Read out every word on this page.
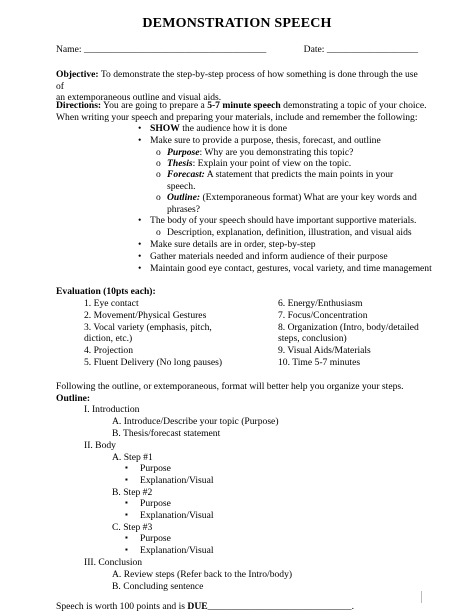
DEMONSTRATION SPEECH
Name: ______________________________________	Date: ___________________
Objective: To demonstrate the step-by-step process of how something is done through the use of
an extemporaneous outline and visual aids.
Directions: You are going to prepare a 5-7 minute speech demonstrating a topic of your choice.
When writing your speech and preparing your materials, include and remember the following:
• SHOW the audience how it is done
• Make sure to provide a purpose, thesis, forecast, and outline
o Purpose: Why are you demonstrating this topic?
o Thesis: Explain your point of view on the topic.
o Forecast: A statement that predicts the main points in your
speech.
o Outline: (Extemporaneous format) What are your key words and
phrases?
• The body of your speech should have important supportive materials.
o Description, explanation, definition, illustration, and visual aids
• Make sure details are in order, step-by-step
• Gather materials needed and inform audience of their purpose
• Maintain good eye contact, gestures, vocal variety, and time management
Evaluation (10pts each):
1. Eye contact
2. Movement/Physical Gestures
3. Vocal variety (emphasis, pitch,
diction, etc.)
4. Projection
5. Fluent Delivery (No long pauses)
6. Energy/Enthusiasm
7. Focus/Concentration
8. Organization (Intro, body/detailed
steps, conclusion)
9. Visual Aids/Materials
10. Time 5-7 minutes
Following the outline, or extemporaneous, format will better help you organize your steps.
Outline:
I. Introduction
A. Introduce/Describe your topic (Purpose)
B. Thesis/forecast statement
II. Body
A. Step #1
▪ Purpose
▪ Explanation/Visual
B. Step #2
▪ Purpose
▪ Explanation/Visual
C. Step #3
▪ Purpose
▪ Explanation/Visual
III. Conclusion
A. Review steps (Refer back to the Intro/body)
B. Concluding sentence
Speech is worth 100 points and is DUE______________________________.
